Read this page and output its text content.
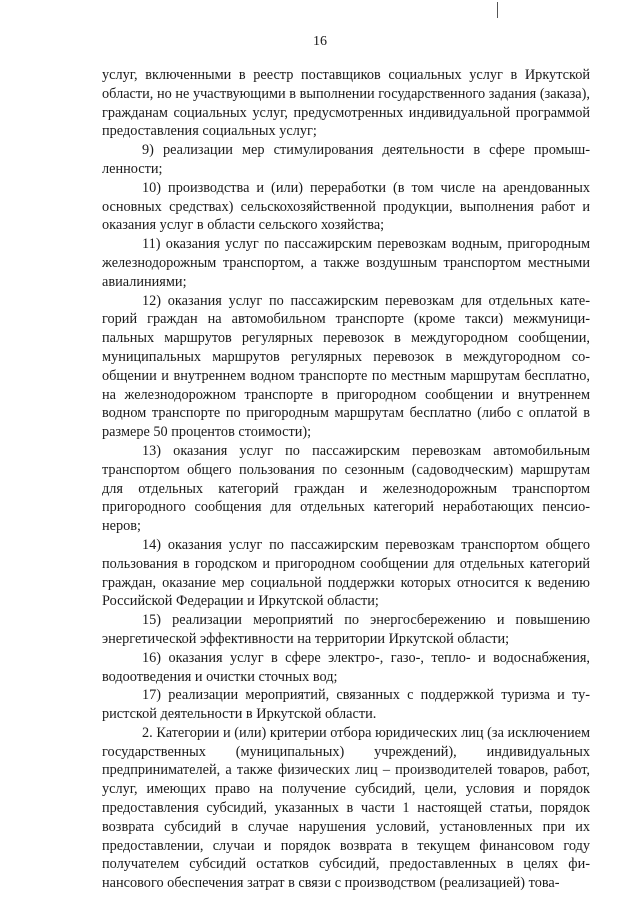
16

услуг, включенными в реестр поставщиков социальных услуг в Иркутской области, но не участвующими в выполнении государственного задания (заказа), гражданам социальных услуг, предусмотренных индивидуальной программой предоставления социальных услуг;

9) реализации мер стимулирования деятельности в сфере промышленности;

10) производства и (или) переработки (в том числе на арендованных основных средствах) сельскохозяйственной продукции, выполнения работ и оказания услуг в области сельского хозяйства;

11) оказания услуг по пассажирским перевозкам водным, пригородным железнодорожным транспортом, а также воздушным транспортом местными авиалиниями;

12) оказания услуг по пассажирским перевозкам для отдельных категорий граждан на автомобильном транспорте (кроме такси) межмуниципальных маршрутов регулярных перевозок в междугородном сообщении, муниципальных маршрутов регулярных перевозок в междугородном сообщении и внутреннем водном транспорте по местным маршрутам бесплатно, на железнодорожном транспорте в пригородном сообщении и внутреннем водном транспорте по пригородным маршрутам бесплатно (либо с оплатой в размере 50 процентов стоимости);

13) оказания услуг по пассажирским перевозкам автомобильным транспортом общего пользования по сезонным (садоводческим) маршрутам для отдельных категорий граждан и железнодорожным транспортом пригородного сообщения для отдельных категорий неработающих пенсионеров;

14) оказания услуг по пассажирским перевозкам транспортом общего пользования в городском и пригородном сообщении для отдельных категорий граждан, оказание мер социальной поддержки которых относится к ведению Российской Федерации и Иркутской области;

15) реализации мероприятий по энергосбережению и повышению энергетической эффективности на территории Иркутской области;

16) оказания услуг в сфере электро-, газо-, тепло- и водоснабжения, водоотведения и очистки сточных вод;

17) реализации мероприятий, связанных с поддержкой туризма и туристской деятельности в Иркутской области.

2. Категории и (или) критерии отбора юридических лиц (за исключением государственных (муниципальных) учреждений), индивидуальных предпринимателей, а также физических лиц – производителей товаров, работ, услуг, имеющих право на получение субсидий, цели, условия и порядок предоставления субсидий, указанных в части 1 настоящей статьи, порядок возврата субсидий в случае нарушения условий, установленных при их предоставлении, случаи и порядок возврата в текущем финансовом году получателем субсидий остатков субсидий, предоставленных в целях финансового обеспечения затрат в связи с производством (реализацией) това-
